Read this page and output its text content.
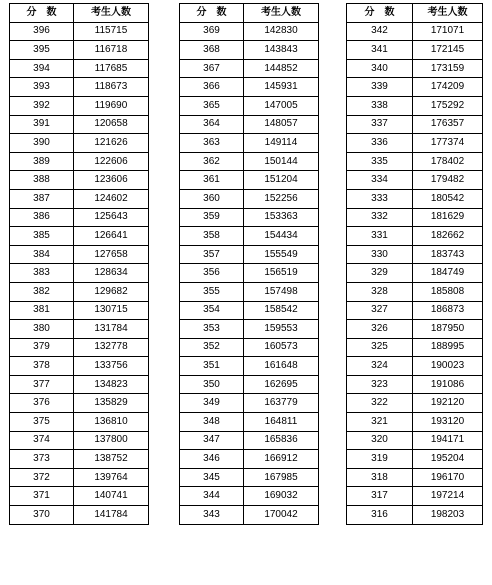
分　数	考生人数
396	115715
395	116718
394	117685
393	118673
392	119690
391	120658
390	121626
389	122606
388	123606
387	124602
386	125643
385	126641
384	127658
383	128634
382	129682
381	130715
380	131784
379	132778
378	133756
377	134823
376	135829
375	136810
374	137800
373	138752
372	139764
371	140741
370	141784
分　数	考生人数
369	142830
368	143843
367	144852
366	145931
365	147005
364	148057
363	149114
362	150144
361	151204
360	152256
359	153363
358	154434
357	155549
356	156519
355	157498
354	158542
353	159553
352	160573
351	161648
350	162695
349	163779
348	164811
347	165836
346	166912
345	167985
344	169032
343	170042
分　数	考生人数
342	171071
341	172145
340	173159
339	174209
338	175292
337	176357
336	177374
335	178402
334	179482
333	180542
332	181629
331	182662
330	183743
329	184749
328	185808
327	186873
326	187950
325	188995
324	190023
323	191086
322	192120
321	193120
320	194171
319	195204
318	196170
317	197214
316	198203
